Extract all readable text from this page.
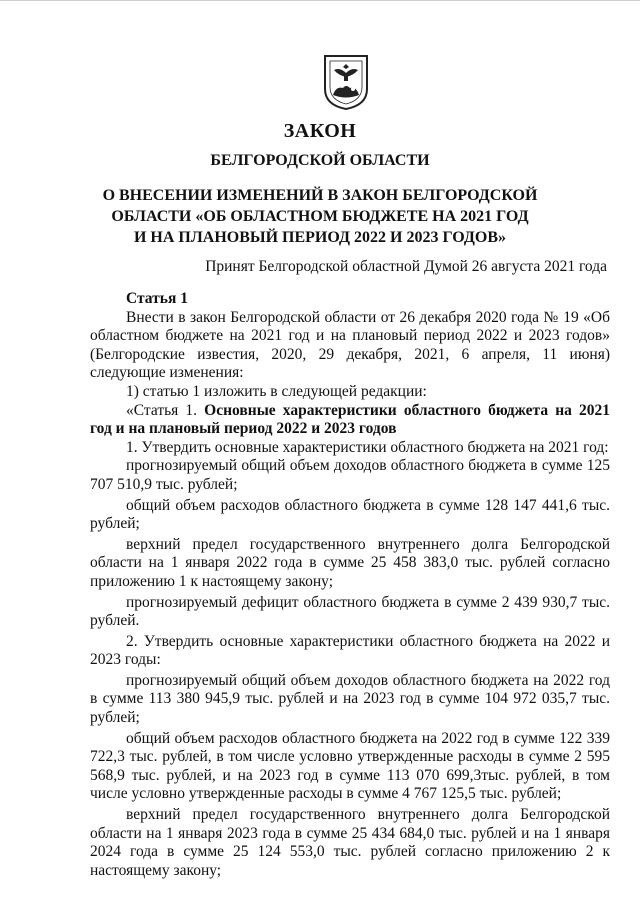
ЗАКОН
БЕЛГОРОДСКОЙ ОБЛАСТИ
О ВНЕСЕНИИ ИЗМЕНЕНИЙ В ЗАКОН БЕЛГОРОДСКОЙ
ОБЛАСТИ «ОБ ОБЛАСТНОМ БЮДЖЕТЕ НА 2021 ГОД
И НА ПЛАНОВЫЙ ПЕРИОД 2022 И 2023 ГОДОВ»
Принят Белгородской областной Думой 26 августа 2021 года

Статья 1

Внести в закон Белгородской области от 26 декабря 2020 года № 19 «Об областном бюджете на 2021 год и на плановый период 2022 и 2023 годов» (Белгородские известия, 2020, 29 декабря, 2021, 6 апреля, 11 июня) следующие изменения:

1) статью 1 изложить в следующей редакции:

«Статья 1. Основные характеристики областного бюджета на 2021 год и на плановый период 2022 и 2023 годов

1. Утвердить основные характеристики областного бюджета на 2021 год:

прогнозируемый общий объем доходов областного бюджета в сумме 125 707 510,9 тыс. рублей;

общий объем расходов областного бюджета в сумме 128 147 441,6 тыс. рублей;

верхний предел государственного внутреннего долга Белгородской области на 1 января 2022 года в сумме 25 458 383,0 тыс. рублей согласно приложению 1 к настоящему закону;

прогнозируемый дефицит областного бюджета в сумме 2 439 930,7 тыс. рублей.

2. Утвердить основные характеристики областного бюджета на 2022 и 2023 годы:

прогнозируемый общий объем доходов областного бюджета на 2022 год в сумме 113 380 945,9 тыс. рублей и на 2023 год в сумме 104 972 035,7 тыс. рублей;

общий объем расходов областного бюджета на 2022 год в сумме 122 339 722,3 тыс. рублей, в том числе условно утвержденные расходы в сумме 2 595 568,9 тыс. рублей, и на 2023 год в сумме 113 070 699,3тыс. рублей, в том числе условно утвержденные расходы в сумме 4 767 125,5 тыс. рублей;

верхний предел государственного внутреннего долга Белгородской области на 1 января 2023 года в сумме 25 434 684,0 тыс. рублей и на 1 января 2024 года в сумме 25 124 553,0 тыс. рублей согласно приложению 2 к настоящему закону;
